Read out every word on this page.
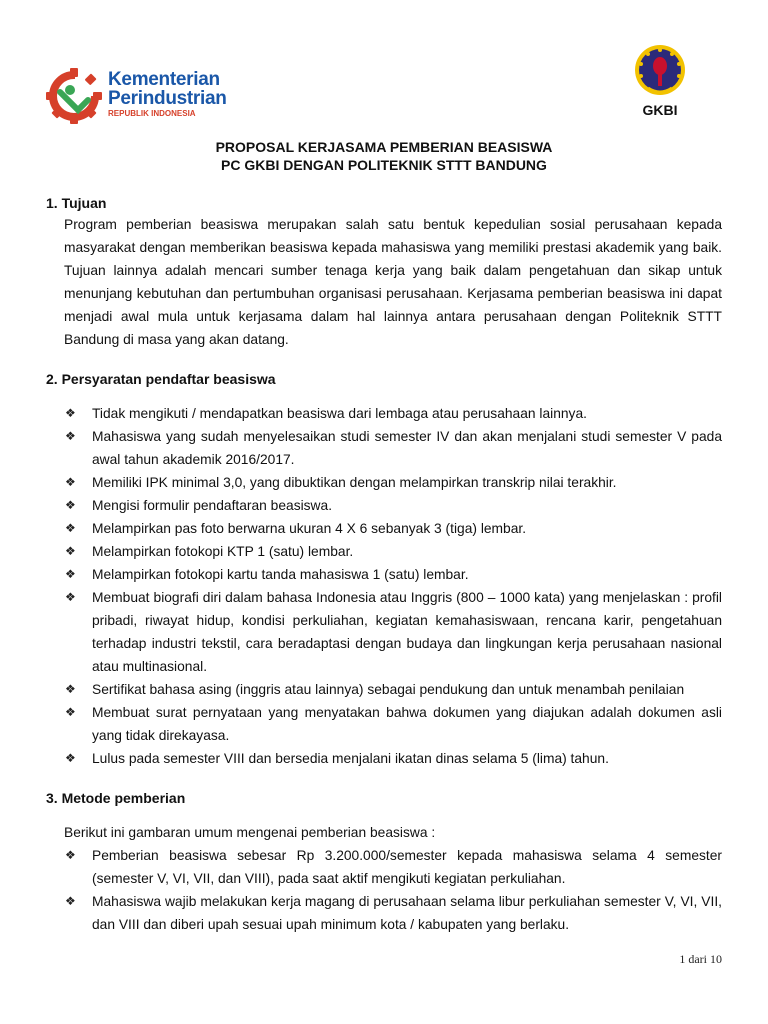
Kementerian
Perindustrian
REPUBLIK INDONESIA	GKBI
PROPOSAL KERJASAMA PEMBERIAN BEASISWA
PC GKBI DENGAN POLITEKNIK STTT BANDUNG

1. Tujuan

Program pemberian beasiswa merupakan salah satu bentuk kepedulian sosial perusahaan kepada masyarakat dengan memberikan beasiswa kepada mahasiswa yang memiliki prestasi akademik yang baik. Tujuan lainnya adalah mencari sumber tenaga kerja yang baik dalam pengetahuan dan sikap untuk menunjang kebutuhan dan pertumbuhan organisasi perusahaan. Kerjasama pemberian beasiswa ini dapat menjadi awal mula untuk kerjasama dalam hal lainnya antara perusahaan dengan Politeknik STTT Bandung di masa yang akan datang.

2. Persyaratan pendaftar beasiswa

❖ Tidak mengikuti / mendapatkan beasiswa dari lembaga atau perusahaan lainnya.
❖ Mahasiswa yang sudah menyelesaikan studi semester IV dan akan menjalani studi semester V pada awal tahun akademik 2016/2017.
❖ Memiliki IPK minimal 3,0, yang dibuktikan dengan melampirkan transkrip nilai terakhir.
❖ Mengisi formulir pendaftaran beasiswa.
❖ Melampirkan pas foto berwarna ukuran 4 X 6 sebanyak 3 (tiga) lembar.
❖ Melampirkan fotokopi KTP 1 (satu) lembar.
❖ Melampirkan fotokopi kartu tanda mahasiswa 1 (satu) lembar.
❖ Membuat biografi diri dalam bahasa Indonesia atau Inggris (800 – 1000 kata) yang menjelaskan : profil pribadi, riwayat hidup, kondisi perkuliahan, kegiatan kemahasiswaan, rencana karir, pengetahuan terhadap industri tekstil, cara beradaptasi dengan budaya dan lingkungan kerja perusahaan nasional atau multinasional.
❖ Sertifikat bahasa asing (inggris atau lainnya) sebagai pendukung dan untuk menambah penilaian
❖ Membuat surat pernyataan yang menyatakan bahwa dokumen yang diajukan adalah dokumen asli yang tidak direkayasa.
❖ Lulus pada semester VIII dan bersedia menjalani ikatan dinas selama 5 (lima) tahun.

3. Metode pemberian

Berikut ini gambaran umum mengenai pemberian beasiswa :

❖ Pemberian beasiswa sebesar Rp 3.200.000/semester kepada mahasiswa selama 4 semester (semester V, VI, VII, dan VIII), pada saat aktif mengikuti kegiatan perkuliahan.
❖ Mahasiswa wajib melakukan kerja magang di perusahaan selama libur perkuliahan semester V, VI, VII, dan VIII dan diberi upah sesuai upah minimum kota / kabupaten yang berlaku.
1 dari 10
